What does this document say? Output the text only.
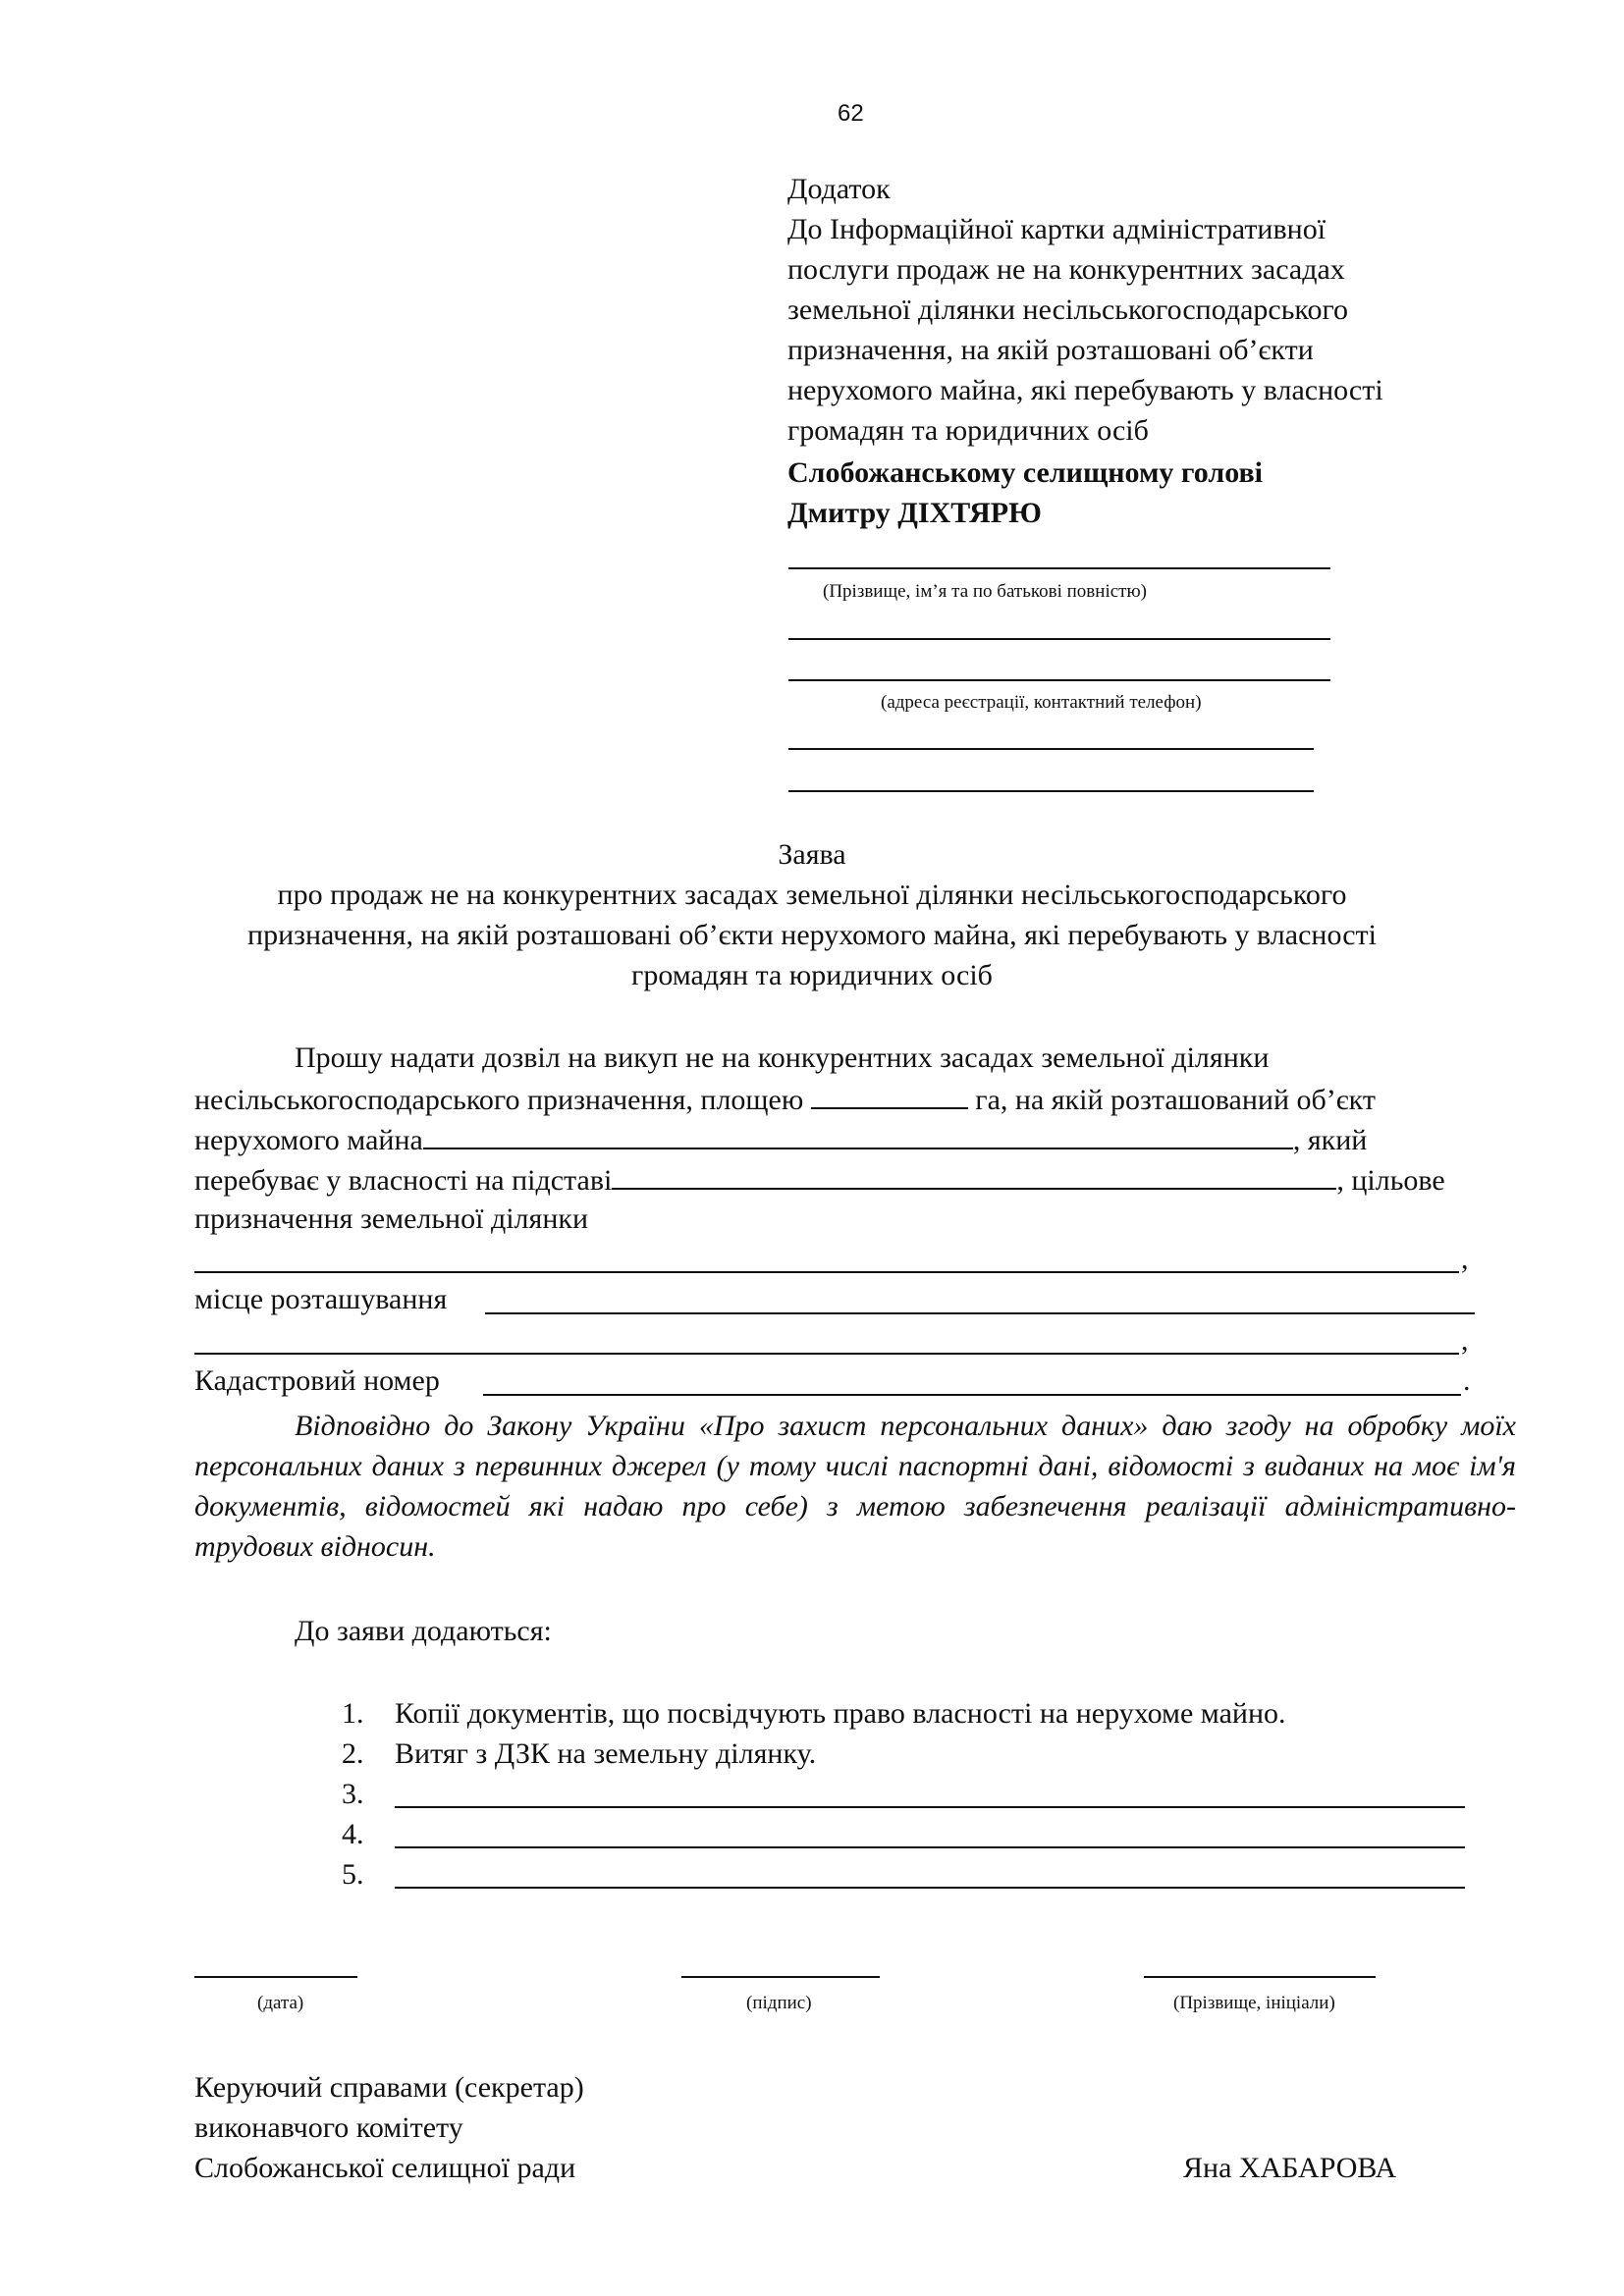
62
Додаток
До Інформаційної картки адміністративної
послуги продаж не на конкурентних засадах
земельної ділянки несільськогосподарського
призначення, на якій розташовані об’єкти
нерухомого майна, які перебувають у власності
громадян та юридичних осіб
Слобожанському селищному голові
Дмитру ДІХТЯРЮ
(Прізвище, ім’я та по батькові повністю)
(адреса реєстрації, контактний телефон)
Заява
про продаж не на конкурентних засадах земельної ділянки несільськогосподарського
призначення, на якій розташовані об’єкти нерухомого майна, які перебувають у власності
громадян та юридичних осіб
Прошу надати дозвіл на викуп не на конкурентних засадах земельної ділянки
несільськогосподарського призначення, площею	га, на якій розташований об’єкт
нерухомого майна	, який
перебуває у власності на підставі	, цільове
призначення земельної ділянки
,
місце розташування
,
Кадастровий номер	.
Відповідно до Закону України «Про захист персональних даних» даю згоду на обробку моїх персональних даних з первинних джерел (у тому числі паспортні дані, відомості з виданих на моє ім'я документів, відомостей які надаю про себе) з метою забезпечення реалізації адміністративно-трудових відносин.
До заяви додаються:
1. Копії документів, що посвідчують право власності на нерухоме майно.
2. Витяг з ДЗК на земельну ділянку.
3.
4.
5.
(дата)	(підпис)	(Прізвище, ініціали)
Керуючий справами (секретар)
виконавчого комітету
Слобожанської селищної ради	Яна ХАБАРОВА
